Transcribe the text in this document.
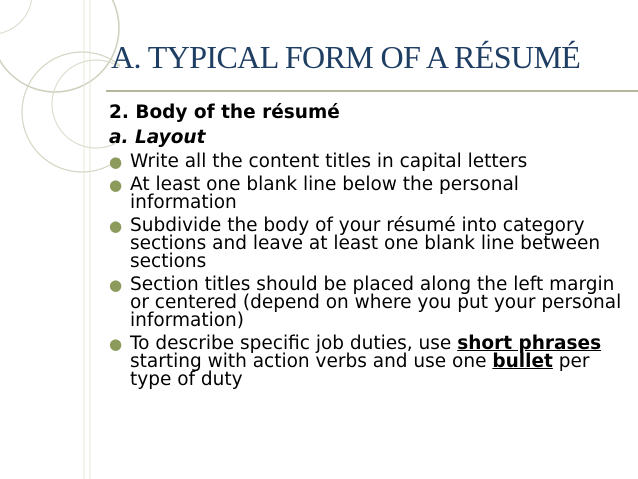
A. TYPICAL FORM OF A RÉSUMÉ
2. Body of the résumé
a. Layout
● Write all the content titles in capital letters
● At least one blank line below the personal information
● Subdivide the body of your résumé into category sections and leave at least one blank line between sections
● Section titles should be placed along the left margin or centered (depend on where you put your personal information)
● To describe specific job duties, use short phrases starting with action verbs and use one bullet per type of duty
